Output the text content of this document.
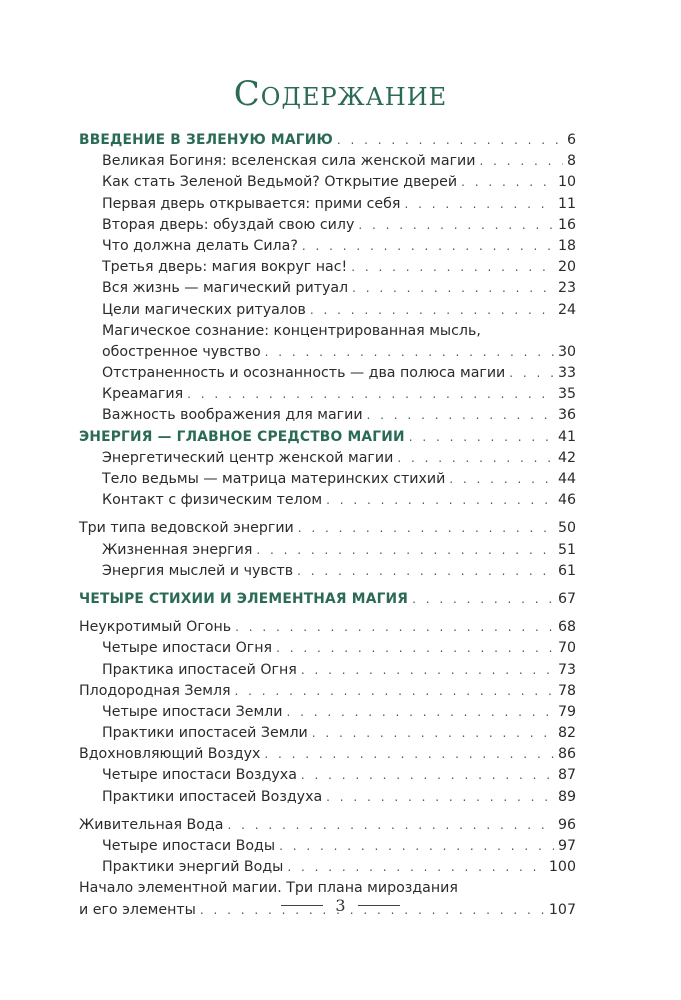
Содержание
ВВЕДЕНИЕ В ЗЕЛЕНУЮ МАГИЮ . . .	6
Великая Богиня: вселенская сила женской магии . . .	8
Как стать Зеленой Ведьмой? Открытие дверей . . .	10
Первая дверь открывается: прими себя . . .	11
Вторая дверь: обуздай свою силу . . .	16
Что должна делать Сила? . . .	18
Третья дверь: магия вокруг нас! . . .	20
Вся жизнь — магический ритуал . . .	23
Цели магических ритуалов . . .	24
Магическое сознание: концентрированная мысль,
обостренное чувство . . .	30
Отстраненность и осознанность — два полюса магии . . .	33
Креамагия . . .	35
Важность воображения для магии . . .	36
ЭНЕРГИЯ — ГЛАВНОЕ СРЕДСТВО МАГИИ . . .	41
Энергетический центр женской магии . . .	42
Тело ведьмы — матрица материнских стихий . . .	44
Контакт с физическим телом . . .	46
Три типа ведовской энергии . . .	50
Жизненная энергия . . .	51
Энергия мыслей и чувств . . .	61
ЧЕТЫРЕ СТИХИИ И ЭЛЕМЕНТНАЯ МАГИЯ . . .	67
Неукротимый Огонь . . .	68
Четыре ипостаси Огня . . .	70
Практика ипостасей Огня . . .	73
Плодородная Земля . . .	78
Четыре ипостаси Земли . . .	79
Практики ипостасей Земли . . .	82
Вдохновляющий Воздух . . .	86
Четыре ипостаси Воздуха . . .	87
Практики ипостасей Воздуха . . .	89
Живительная Вода . . .	96
Четыре ипостаси Воды . . .	97
Практики энергий Воды . . .	100
Начало элементной магии. Три плана мироздания
и его элементы . . .	107
3
